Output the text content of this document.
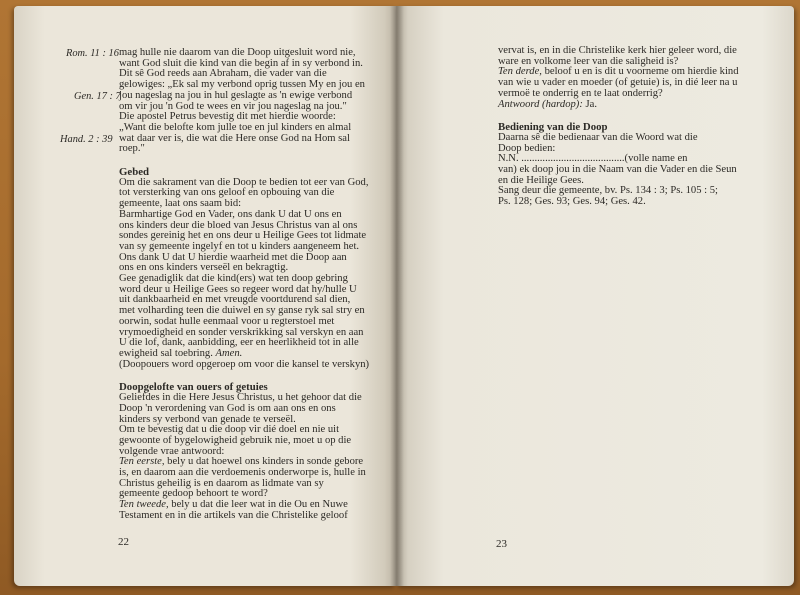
Rom. 11 : 16
Gen. 17 : 7
Hand. 2 : 39
mag hulle nie daarom van die Doop uitgesluit word nie,
want God sluit die kind van die begin af in sy verbond in.
Dit sê God reeds aan Abraham, die vader van die
gelowiges: „Ek sal my verbond oprig tussen My en jou en
jou nageslag na jou in hul geslagte as 'n ewige verbond
om vir jou 'n God te wees en vir jou nageslag na jou."
Die apostel Petrus bevestig dit met hierdie woorde:
„Want die belofte kom julle toe en jul kinders en almal
wat daar ver is, die wat die Here onse God na Hom sal
roep."
Gebed
Om die sakrament van die Doop te bedien tot eer van God,
tot versterking van ons geloof en opbouing van die
gemeente, laat ons saam bid:
Barmhartige God en Vader, ons dank U dat U ons en
ons kinders deur die bloed van Jesus Christus van al ons
sondes gereinig het en ons deur u Heilige Gees tot lidmate
van sy gemeente ingelyf en tot u kinders aangeneem het.
Ons dank U dat U hierdie waarheid met die Doop aan
ons en ons kinders verseël en bekragtig.
Gee genadiglik dat die kind(ers) wat ten doop gebring
word deur u Heilige Gees so regeer word dat hy/hulle U
uit dankbaarheid en met vreugde voortdurend sal dien,
met volharding teen die duiwel en sy ganse ryk sal stry en
oorwin, sodat hulle eenmaal voor u regterstoel met
vrymoedigheid en sonder verskrikking sal verskyn en aan
U die lof, dank, aanbidding, eer en heerlikheid tot in alle
ewigheid sal toebring. Amen.
(Doopouers word opgeroep om voor die kansel te verskyn)
Doopgelofte van ouers of getuies
Geliefdes in die Here Jesus Christus, u het gehoor dat die
Doop 'n verordening van God is om aan ons en ons
kinders sy verbond van genade te verseël.
Om te bevestig dat u die doop vir dié doel en nie uit
gewoonte of bygelowigheid gebruik nie, moet u op die
volgende vrae antwoord:
Ten eerste, bely u dat hoewel ons kinders in sonde gebore
is, en daarom aan die verdoemenis onderworpe is, hulle in
Christus geheilig is en daarom as lidmate van sy
gemeente gedoop behoort te word?
Ten tweede, bely u dat die leer wat in die Ou en Nuwe
Testament en in die artikels van die Christelike geloof
22
vervat is, en in die Christelike kerk hier geleer word, die
ware en volkome leer van die saligheid is?
Ten derde, beloof u en is dit u voorneme om hierdie kind
van wie u vader en moeder (of getuie) is, in dié leer na u
vermoë te onderrig en te laat onderrig?
Antwoord (hardop): Ja.
Bediening van die Doop
Daarna sê die bedienaar van die Woord wat die
Doop bedien:
N.N. .......................................(volle name en
van) ek doop jou in die Naam van die Vader en die Seun
en die Heilige Gees.
Sang deur die gemeente, bv. Ps. 134 : 3; Ps. 105 : 5;
Ps. 128; Ges. 93; Ges. 94; Ges. 42.
23
